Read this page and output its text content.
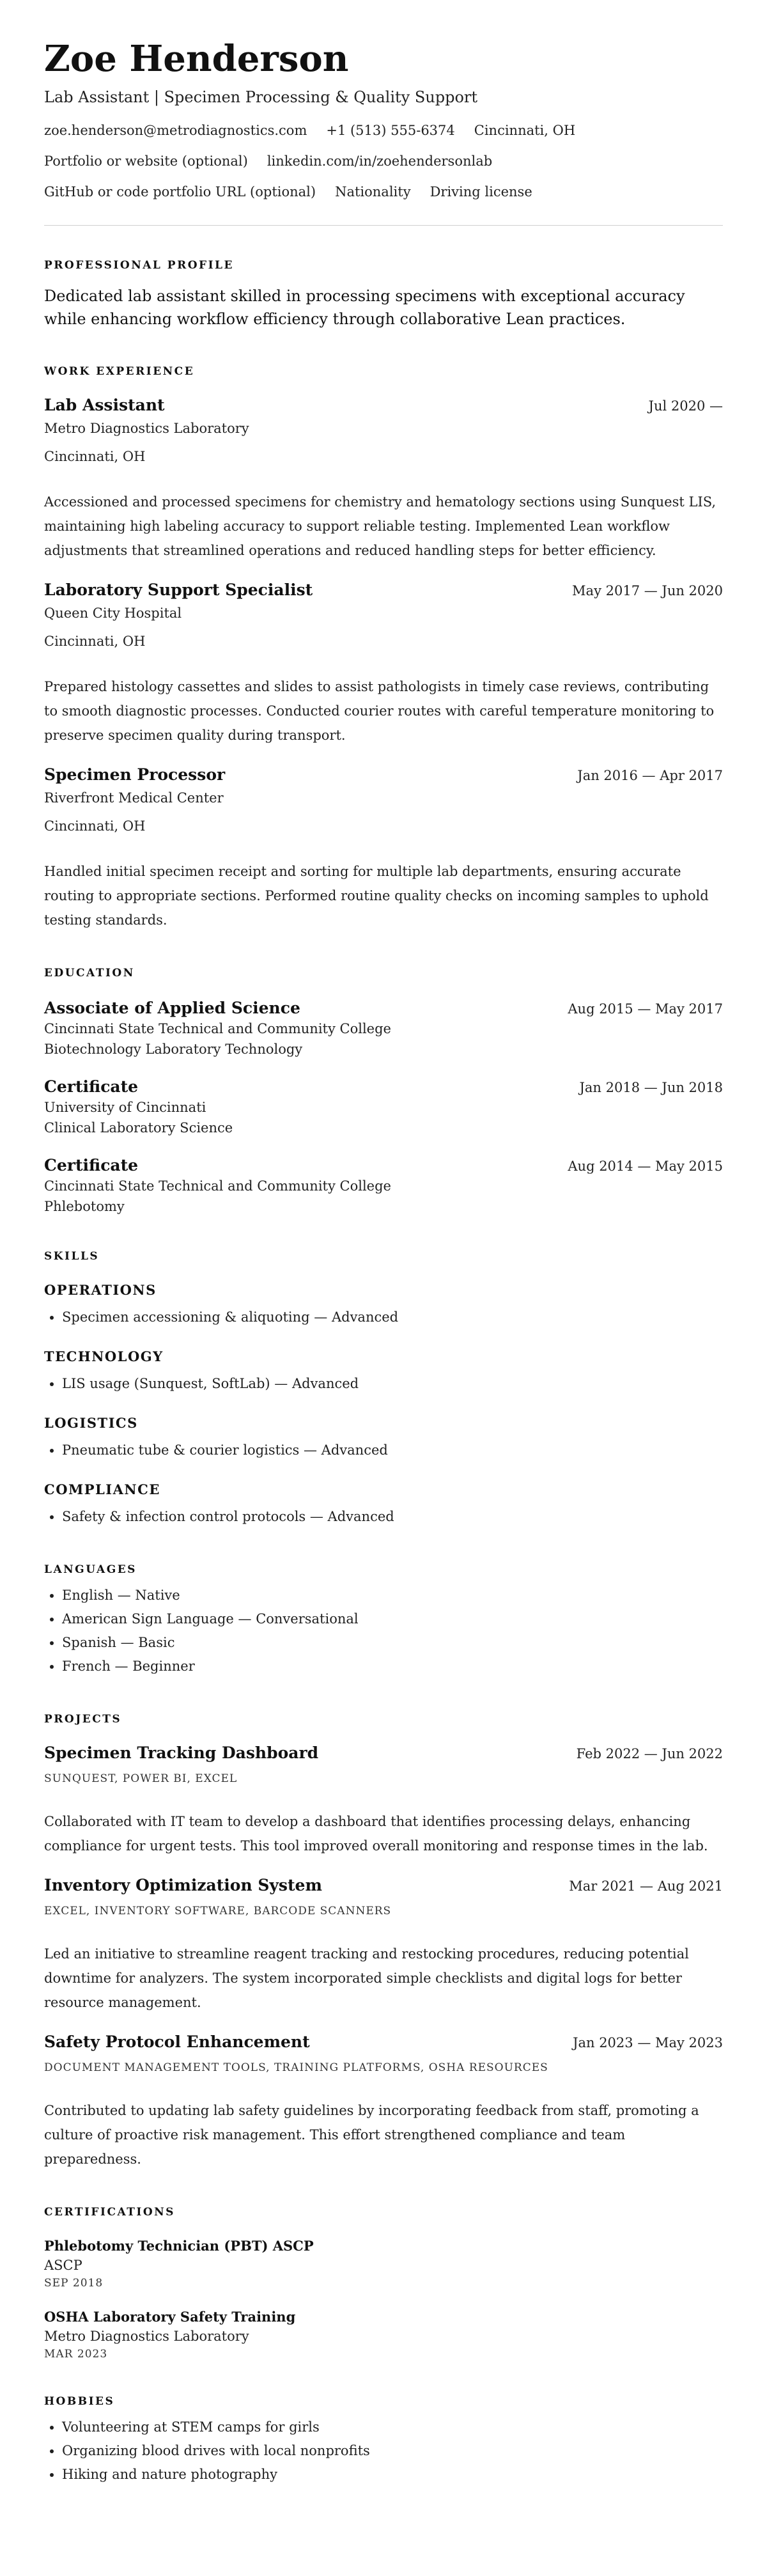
Zoe Henderson
Lab Assistant | Specimen Processing & Quality Support
zoe.henderson@metrodiagnostics.com +1 (513) 555-6374 Cincinnati, OH
Portfolio or website (optional) linkedin.com/in/zoehendersonlab
GitHub or code portfolio URL (optional) Nationality Driving license
PROFESSIONAL PROFILE
Dedicated lab assistant skilled in processing specimens with exceptional accuracy while enhancing workflow efficiency through collaborative Lean practices.
WORK EXPERIENCE
Lab Assistant	Jul 2020 —
Metro Diagnostics Laboratory
Cincinnati, OH
Accessioned and processed specimens for chemistry and hematology sections using Sunquest LIS, maintaining high labeling accuracy to support reliable testing. Implemented Lean workflow adjustments that streamlined operations and reduced handling steps for better efficiency.
Laboratory Support Specialist	May 2017 — Jun 2020
Queen City Hospital
Cincinnati, OH
Prepared histology cassettes and slides to assist pathologists in timely case reviews, contributing to smooth diagnostic processes. Conducted courier routes with careful temperature monitoring to preserve specimen quality during transport.
Specimen Processor	Jan 2016 — Apr 2017
Riverfront Medical Center
Cincinnati, OH
Handled initial specimen receipt and sorting for multiple lab departments, ensuring accurate routing to appropriate sections. Performed routine quality checks on incoming samples to uphold testing standards.
EDUCATION
Associate of Applied Science	Aug 2015 — May 2017
Cincinnati State Technical and Community College
Biotechnology Laboratory Technology
Certificate	Jan 2018 — Jun 2018
University of Cincinnati
Clinical Laboratory Science
Certificate	Aug 2014 — May 2015
Cincinnati State Technical and Community College
Phlebotomy
SKILLS
OPERATIONS
• Specimen accessioning & aliquoting — Advanced
TECHNOLOGY
• LIS usage (Sunquest, SoftLab) — Advanced
LOGISTICS
• Pneumatic tube & courier logistics — Advanced
COMPLIANCE
• Safety & infection control protocols — Advanced
LANGUAGES
• English — Native
• American Sign Language — Conversational
• Spanish — Basic
• French — Beginner
PROJECTS
Specimen Tracking Dashboard	Feb 2022 — Jun 2022
SUNQUEST, POWER BI, EXCEL
Collaborated with IT team to develop a dashboard that identifies processing delays, enhancing compliance for urgent tests. This tool improved overall monitoring and response times in the lab.
Inventory Optimization System	Mar 2021 — Aug 2021
EXCEL, INVENTORY SOFTWARE, BARCODE SCANNERS
Led an initiative to streamline reagent tracking and restocking procedures, reducing potential downtime for analyzers. The system incorporated simple checklists and digital logs for better resource management.
Safety Protocol Enhancement	Jan 2023 — May 2023
DOCUMENT MANAGEMENT TOOLS, TRAINING PLATFORMS, OSHA RESOURCES
Contributed to updating lab safety guidelines by incorporating feedback from staff, promoting a culture of proactive risk management. This effort strengthened compliance and team preparedness.
CERTIFICATIONS
Phlebotomy Technician (PBT) ASCP
ASCP
SEP 2018
OSHA Laboratory Safety Training
Metro Diagnostics Laboratory
MAR 2023
HOBBIES
• Volunteering at STEM camps for girls
• Organizing blood drives with local nonprofits
• Hiking and nature photography
